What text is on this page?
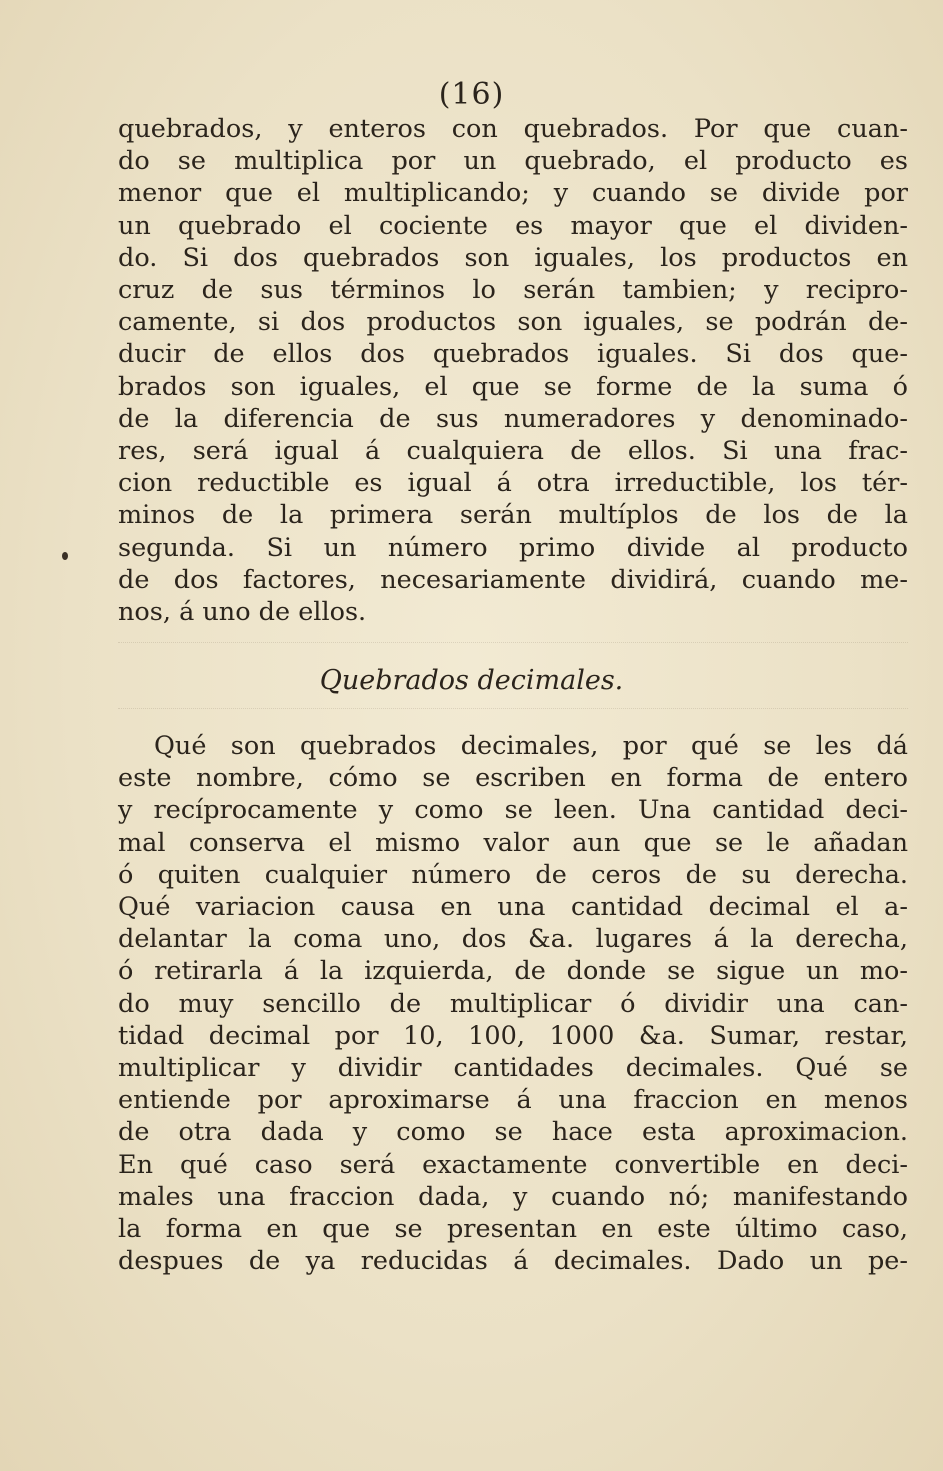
(16)
quebrados, y enteros con quebrados. Por que cuan-
do se multiplica por un quebrado, el producto es
menor que el multiplicando; y cuando se divide por
un quebrado el cociente es mayor que el dividen-
do. Si dos quebrados son iguales, los productos en
cruz de sus términos lo serán tambien; y recipro-
camente, si dos productos son iguales, se podrán de-
ducir de ellos dos quebrados iguales. Si dos que-
brados son iguales, el que se forme de la suma ó
de la diferencia de sus numeradores y denominado-
res, será igual á cualquiera de ellos. Si una frac-
cion reductible es igual á otra irreductible, los tér-
minos de la primera serán multíplos de los de la
segunda. Si un número primo divide al producto
de dos factores, necesariamente dividirá, cuando me-
nos, á uno de ellos.
Quebrados decimales.
Qué son quebrados decimales, por qué se les dá
este nombre, cómo se escriben en forma de entero
y recíprocamente y como se leen. Una cantidad deci-
mal conserva el mismo valor aun que se le añadan
ó quiten cualquier número de ceros de su derecha.
Qué variacion causa en una cantidad decimal el a-
delantar la coma uno, dos &a. lugares á la derecha,
ó retirarla á la izquierda, de donde se sigue un mo-
do muy sencillo de multiplicar ó dividir una can-
tidad decimal por 10, 100, 1000 &a. Sumar, restar,
multiplicar y dividir cantidades decimales. Qué se
entiende por aproximarse á una fraccion en menos
de otra dada y como se hace esta aproximacion.
En qué caso será exactamente convertible en deci-
males una fraccion dada, y cuando nó; manifestando
la forma en que se presentan en este último caso,
despues de ya reducidas á decimales. Dado un pe-
